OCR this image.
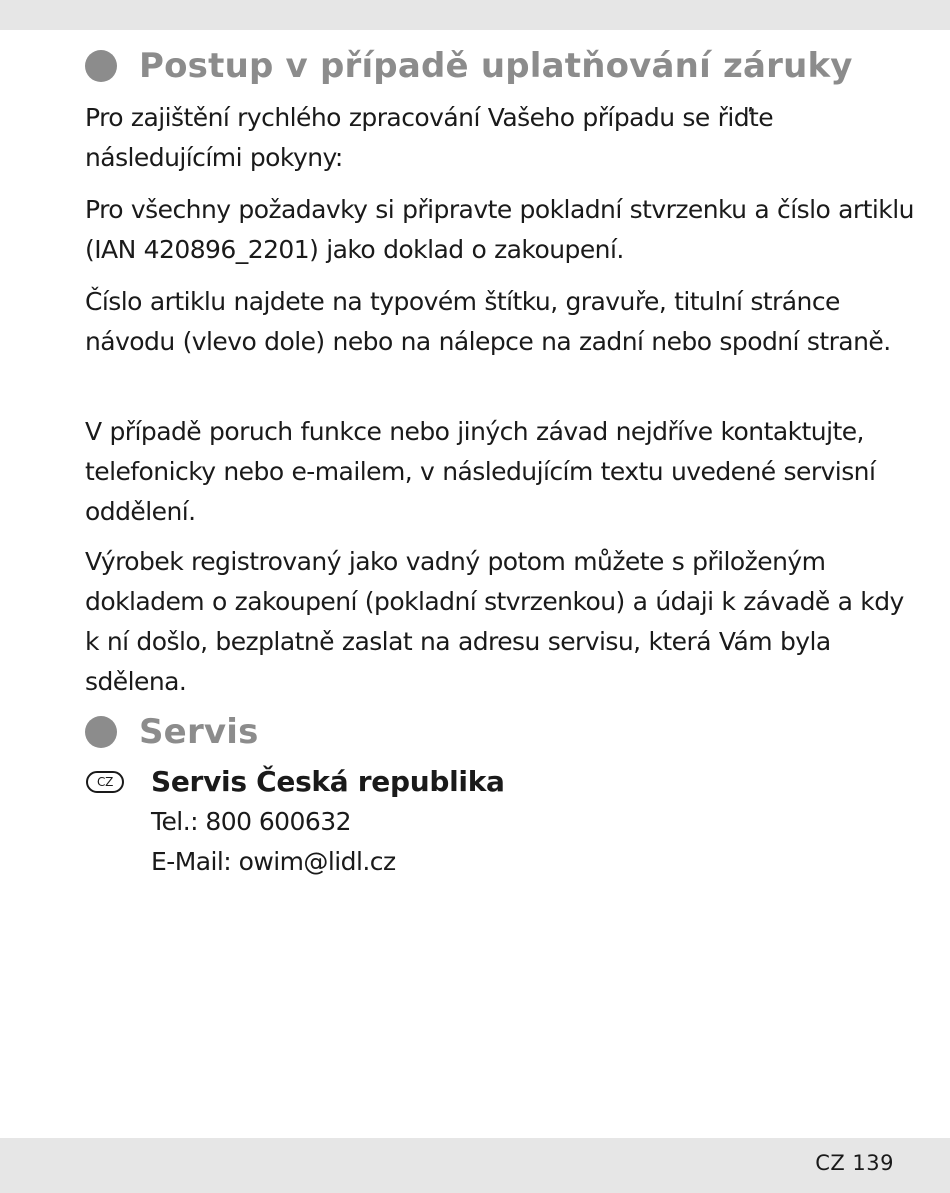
Postup v případě uplatňování záruky

Pro zajištění rychlého zpracování Vašeho případu se řiďte následujícími pokyny:

Pro všechny požadavky si připravte pokladní stvrzenku a číslo artiklu (IAN 420896_2201) jako doklad o zakoupení.

Číslo artiklu najdete na typovém štítku, gravuře, titulní stránce návodu (vlevo dole) nebo na nálepce na zadní nebo spodní straně.

V případě poruch funkce nebo jiných závad nejdříve kontaktujte, telefonicky nebo e-mailem, v následujícím textu uvedené servisní oddělení.

Výrobek registrovaný jako vadný potom můžete s přiloženým dokladem o zakoupení (pokladní stvrzenkou) a údaji k závadě a kdy k ní došlo, bezplatně zaslat na adresu servisu, která Vám byla sdělena.

Servis
CZ	Servis Česká republika
Tel.: 800 600632
E-Mail: owim@lidl.cz
CZ 139
